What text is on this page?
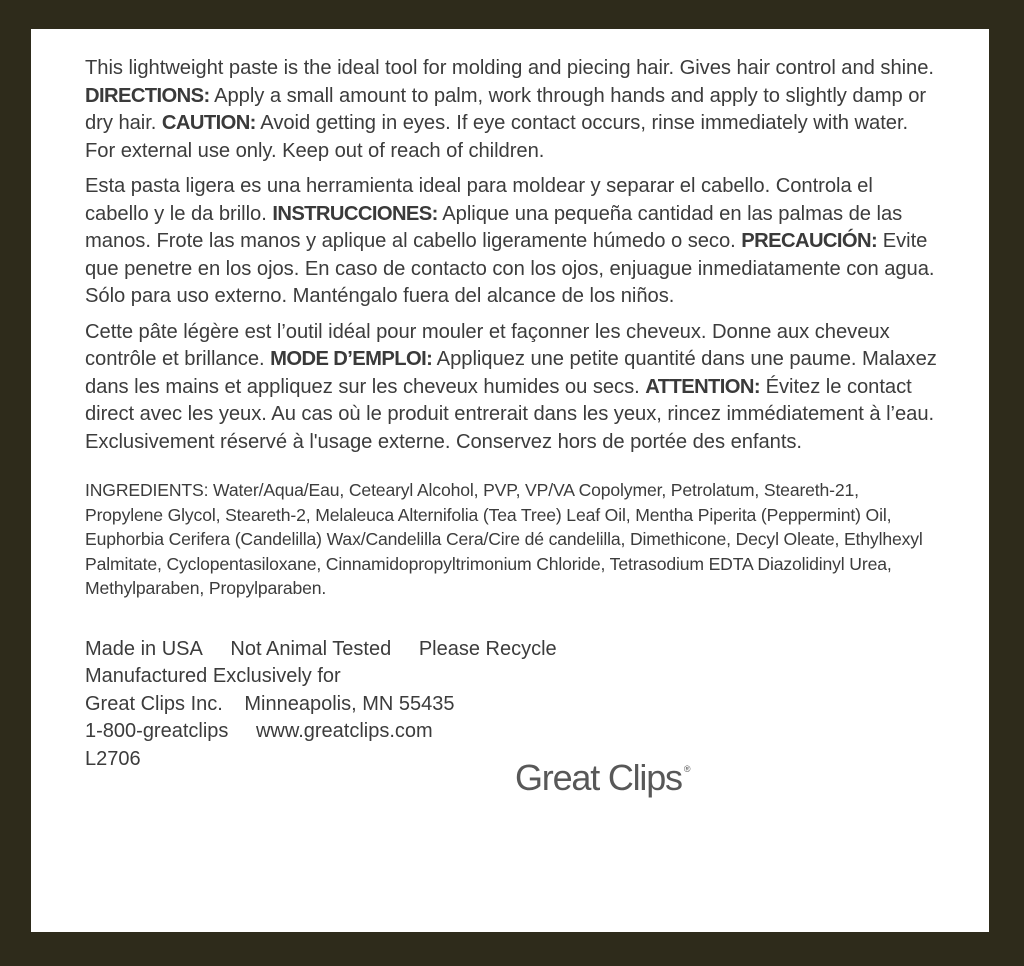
This lightweight paste is the ideal tool for molding and piecing hair. Gives hair control and shine. DIRECTIONS: Apply a small amount to palm, work through hands and apply to slightly damp or dry hair. CAUTION: Avoid getting in eyes. If eye contact occurs, rinse immediately with water. For external use only. Keep out of reach of children.

Esta pasta ligera es una herramienta ideal para moldear y separar el cabello. Controla el cabello y le da brillo. INSTRUCCIONES: Aplique una pequeña cantidad en las palmas de las manos. Frote las manos y aplique al cabello ligeramente húmedo o seco. PRECAUCIÓN: Evite que penetre en los ojos. En caso de contacto con los ojos, enjuague inmediatamente con agua. Sólo para uso externo. Manténgalo fuera del alcance de los niños.

Cette pâte légère est l’outil idéal pour mouler et façonner les cheveux. Donne aux cheveux contrôle et brillance. MODE D’EMPLOI: Appliquez une petite quantité dans une paume. Malaxez dans les mains et appliquez sur les cheveux humides ou secs. ATTENTION: Évitez le contact direct avec les yeux. Au cas où le produit entrerait dans les yeux, rincez immédiatement à l’eau. Exclusivement réservé à l'usage externe. Conservez hors de portée des enfants.

INGREDIENTS: Water/Aqua/Eau, Cetearyl Alcohol, PVP, VP/VA Copolymer, Petrolatum, Steareth-21, Propylene Glycol, Steareth-2, Melaleuca Alternifolia (Tea Tree) Leaf Oil, Mentha Piperita (Peppermint) Oil, Euphorbia Cerifera (Candelilla) Wax/Candelilla Cera/Cire dé candelilla, Dimethicone, Decyl Oleate, Ethylhexyl Palmitate, Cyclopentasiloxane, Cinnamidopropyltrimonium Chloride, Tetrasodium EDTA Diazolidinyl Urea, Methylparaben, Propylparaben.

Made in USA Not Animal Tested Please Recycle
Manufactured Exclusively for
Great Clips Inc. Minneapolis, MN 55435
1-800-greatclips www.greatclips.com
L2706	Great Clips ®
